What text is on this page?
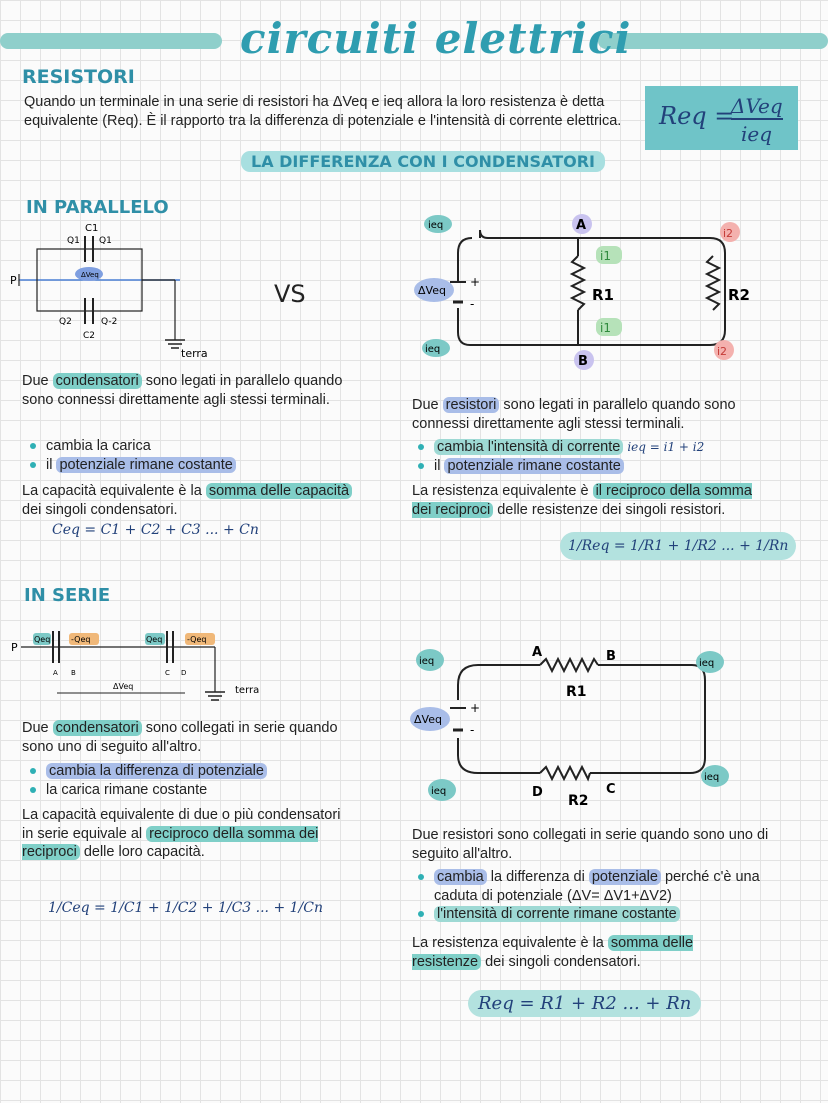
circuiti elettrici
RESISTORI
Quando un terminale in una serie di resistori ha ΔVeq e ieq allora la loro resistenza è detta equivalente (Req). È il rapporto tra la differenza di potenziale e l'intensità di corrente elettrica.	Req =
ΔVeq
ieq
LA DIFFERENZA CON I CONDENSATORI
IN PARALLELO
P
C1
Q1 Q1
ΔVeq
Q2	Q-2
C2
terra
VS	+
-
ieq
ΔVeq
ieq
A
B
i1
i1
R1	R2
i2
i2
Due condensatori sono legati in parallelo quando sono connessi direttamente agli stessi terminali.
cambia la carica
il potenziale rimane costante
La capacità equivalente è la somma delle capacità dei singoli condensatori.
Ceq = C1 + C2 + C3 ... + Cn
Due resistori sono legati in parallelo quando sono connessi direttamente agli stessi terminali.
cambia l'intensità di corrente ieq = i1 + i2
il potenziale rimane costante
La resistenza equivalente è il reciproco della somma dei reciproci delle resistenze dei singoli resistori.
1/Req = 1/R1 + 1/R2 ... + 1/Rn
IN SERIE
P
Qeq	-Qeq	Qeq	-Qeq
A B	C D
ΔVeq	terra
Due condensatori sono collegati in serie quando sono uno di seguito all'altro.
cambia la differenza di potenziale
la carica rimane costante
La capacità equivalente di due o più condensatori in serie equivale al reciproco della somma dei reciproci delle loro capacità.
1/Ceq = 1/C1 + 1/C2 + 1/C3 ... + 1/Cn
+
-
ΔVeq
ieq
ieq
ieq
ieq
A	B
R1
D	C
R2
Due resistori sono collegati in serie quando sono uno di seguito all'altro.
cambia la differenza di potenziale perché c'è una caduta di potenziale (ΔV= ΔV1+ΔV2)
l'intensità di corrente rimane costante
La resistenza equivalente è la somma delle resistenze dei singoli condensatori.
Req = R1 + R2 ... + Rn
